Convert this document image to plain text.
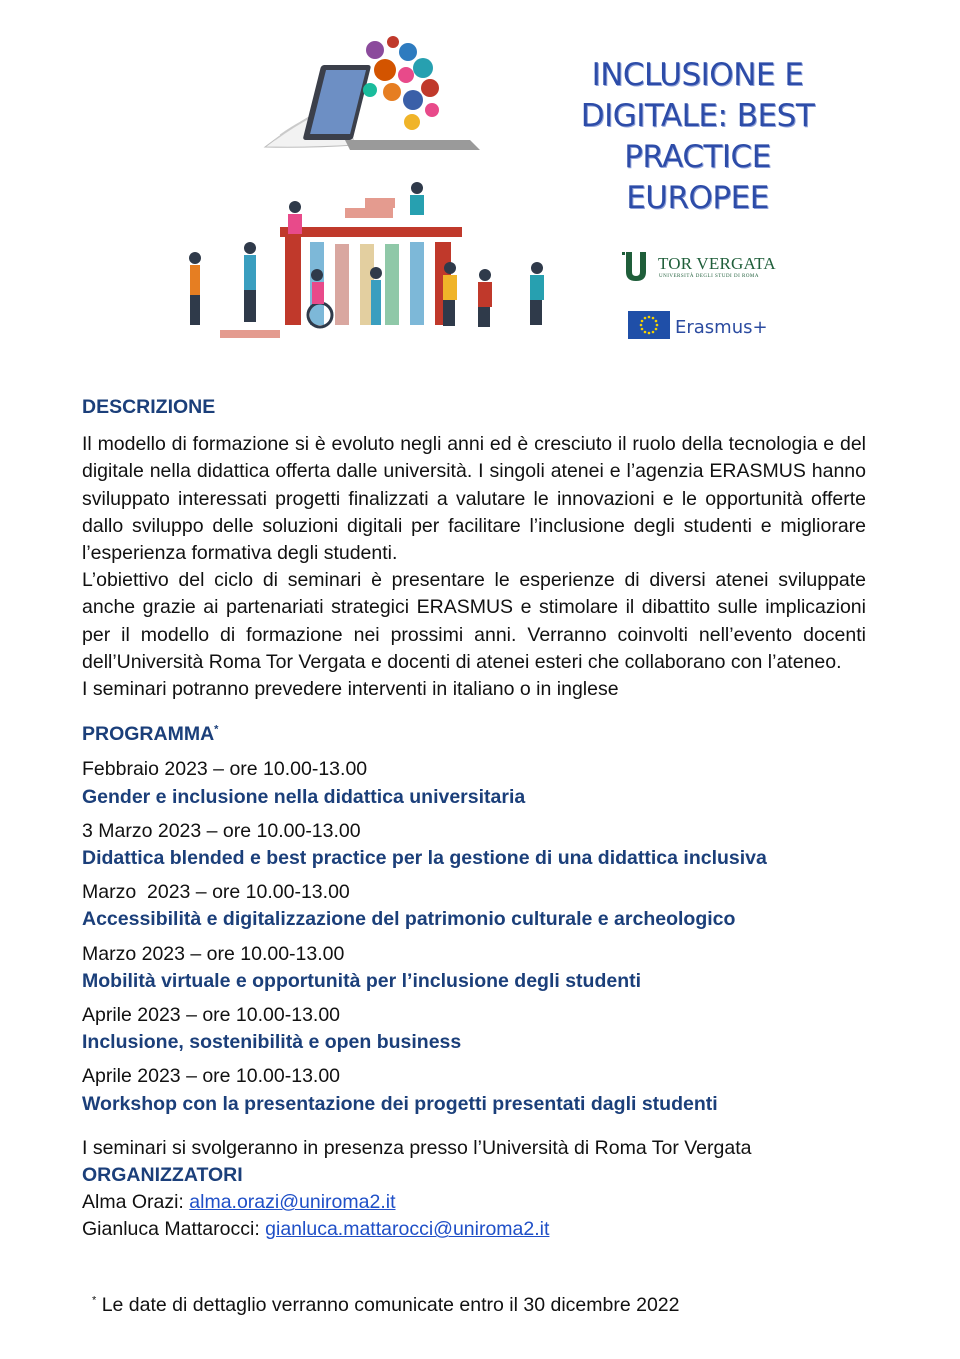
INCLUSIONE E
DIGITALE: BEST
PRACTICE
EUROPEE
TOR VERGATA
UNIVERSITÀ DEGLI STUDI DI ROMA
Erasmus+
DESCRIZIONE

Il modello di formazione si è evoluto negli anni ed è cresciuto il ruolo della tecnologia e del digitale nella didattica offerta dalle università. I singoli atenei e l’agenzia ERASMUS hanno sviluppato interessati progetti finalizzati a valutare le innovazioni e le opportunità offerte dallo sviluppo delle soluzioni digitali per facilitare l’inclusione degli studenti e migliorare l’esperienza formativa degli studenti.

L’obiettivo del ciclo di seminari è presentare le esperienze di diversi atenei sviluppate anche grazie ai partenariati strategici ERASMUS e stimolare il dibattito sulle implicazioni per il modello di formazione nei prossimi anni. Verranno coinvolti nell’evento docenti dell’Università Roma Tor Vergata e docenti di atenei esteri che collaborano con l’ateneo.

I seminari potranno prevedere interventi in italiano o in inglese

PROGRAMMA*
Febbraio 2023 – ore 10.00-13.00
Gender e inclusione nella didattica universitaria
3 Marzo 2023 – ore 10.00-13.00
Didattica blended e best practice per la gestione di una didattica inclusiva
Marzo  2023 – ore 10.00-13.00
Accessibilità e digitalizzazione del patrimonio culturale e archeologico
Marzo 2023 – ore 10.00-13.00
Mobilità virtuale e opportunità per l’inclusione degli studenti
Aprile 2023 – ore 10.00-13.00
Inclusione, sostenibilità e open business
Aprile 2023 – ore 10.00-13.00
Workshop con la presentazione dei progetti presentati dagli studenti
I seminari si svolgeranno in presenza presso l’Università di Roma Tor Vergata
ORGANIZZATORI
Alma Orazi: alma.orazi@uniroma2.it
Gianluca Mattarocci: gianluca.mattarocci@uniroma2.it
* Le date di dettaglio verranno comunicate entro il 30 dicembre 2022
